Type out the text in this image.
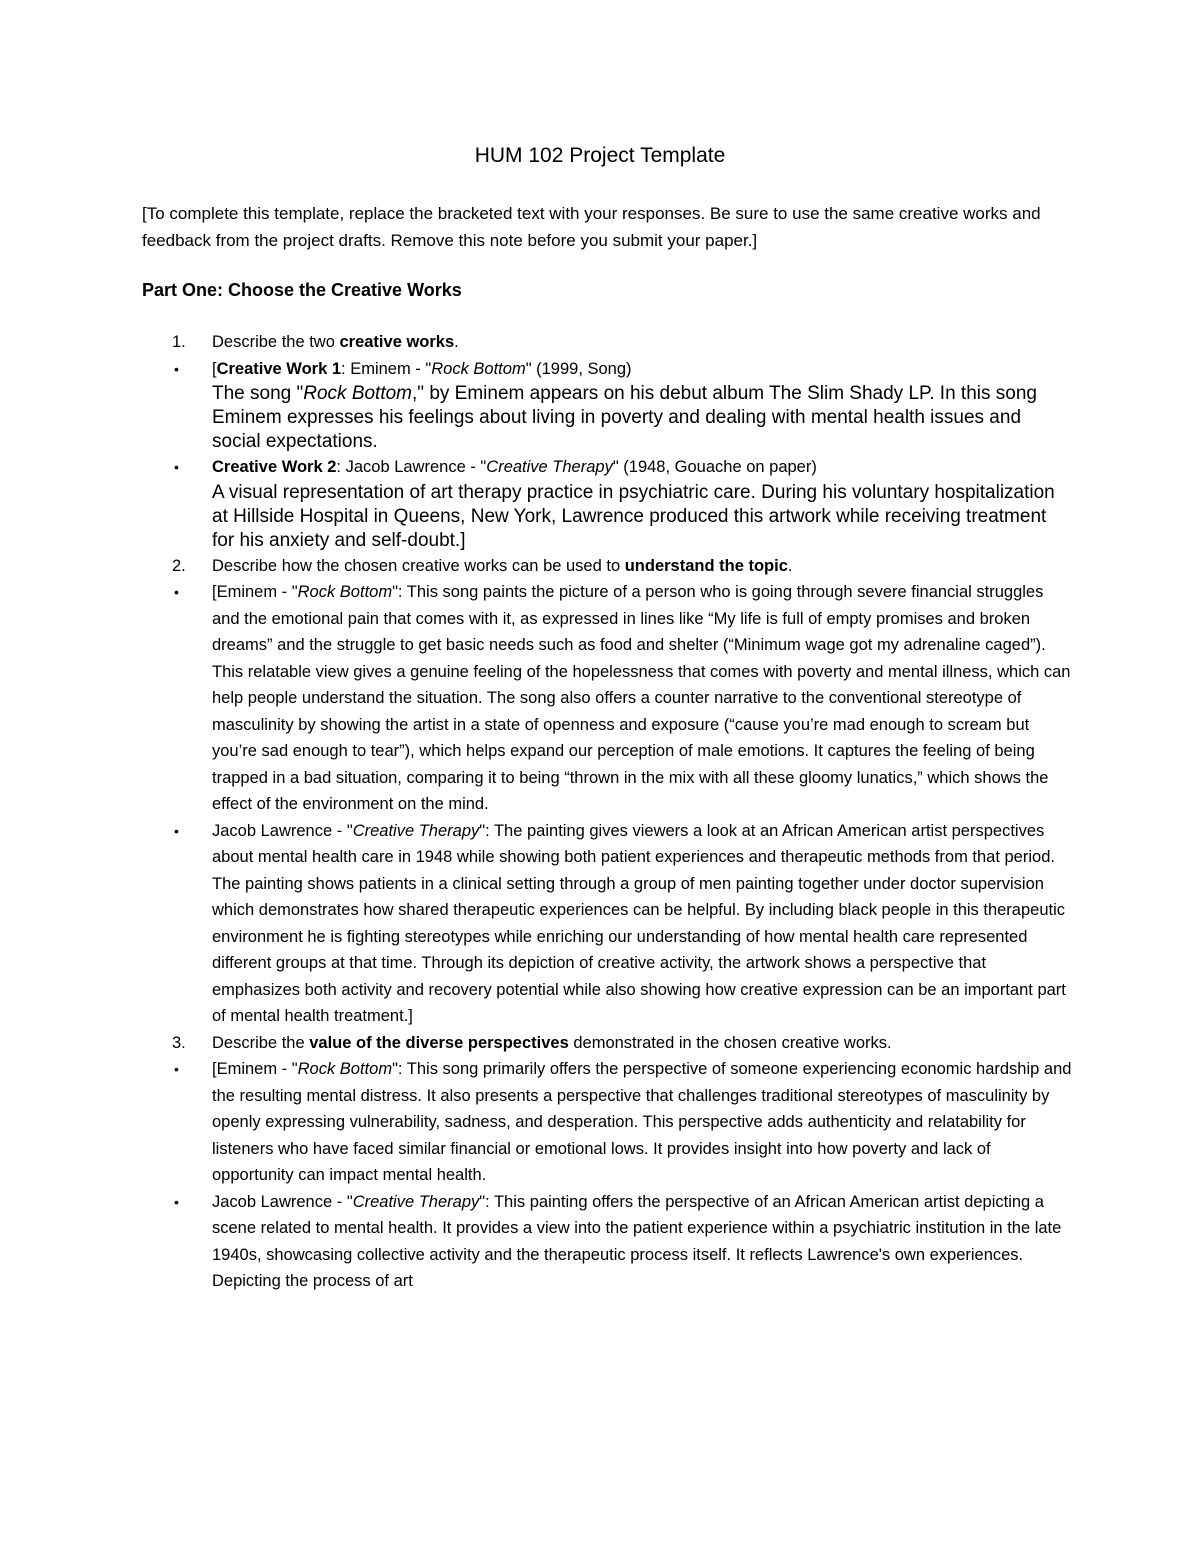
HUM 102 Project Template
[To complete this template, replace the bracketed text with your responses. Be sure to use the same creative works and feedback from the project drafts. Remove this note before you submit your paper.]
Part One: Choose the Creative Works
1. Describe the two creative works.
• [Creative Work 1: Eminem - "Rock Bottom" (1999, Song)
The song "Rock Bottom," by Eminem appears on his debut album The Slim Shady LP. In this song Eminem expresses his feelings about living in poverty and dealing with mental health issues and social expectations.
• Creative Work 2: Jacob Lawrence - "Creative Therapy" (1948, Gouache on paper)
A visual representation of art therapy practice in psychiatric care. During his voluntary hospitalization at Hillside Hospital in Queens, New York, Lawrence produced this artwork while receiving treatment for his anxiety and self-doubt.]
2. Describe how the chosen creative works can be used to understand the topic.
• [Eminem - "Rock Bottom": This song paints the picture of a person who is going through severe financial struggles and the emotional pain that comes with it, as expressed in lines like “My life is full of empty promises and broken dreams” and the struggle to get basic needs such as food and shelter (“Minimum wage got my adrenaline caged”). This relatable view gives a genuine feeling of the hopelessness that comes with poverty and mental illness, which can help people understand the situation. The song also offers a counter narrative to the conventional stereotype of masculinity by showing the artist in a state of openness and exposure (“cause you’re mad enough to scream but you’re sad enough to tear”), which helps expand our perception of male emotions. It captures the feeling of being trapped in a bad situation, comparing it to being “thrown in the mix with all these gloomy lunatics,” which shows the effect of the environment on the mind.
• Jacob Lawrence - "Creative Therapy": The painting gives viewers a look at an African American artist perspectives about mental health care in 1948 while showing both patient experiences and therapeutic methods from that period. The painting shows patients in a clinical setting through a group of men painting together under doctor supervision which demonstrates how shared therapeutic experiences can be helpful. By including black people in this therapeutic environment he is fighting stereotypes while enriching our understanding of how mental health care represented different groups at that time. Through its depiction of creative activity, the artwork shows a perspective that emphasizes both activity and recovery potential while also showing how creative expression can be an important part of mental health treatment.]
3. Describe the value of the diverse perspectives demonstrated in the chosen creative works.
• [Eminem - "Rock Bottom": This song primarily offers the perspective of someone experiencing economic hardship and the resulting mental distress. It also presents a perspective that challenges traditional stereotypes of masculinity by openly expressing vulnerability, sadness, and desperation. This perspective adds authenticity and relatability for listeners who have faced similar financial or emotional lows. It provides insight into how poverty and lack of opportunity can impact mental health.
• Jacob Lawrence - "Creative Therapy": This painting offers the perspective of an African American artist depicting a scene related to mental health. It provides a view into the patient experience within a psychiatric institution in the late 1940s, showcasing collective activity and the therapeutic process itself. It reflects Lawrence's own experiences. Depicting the process of art
